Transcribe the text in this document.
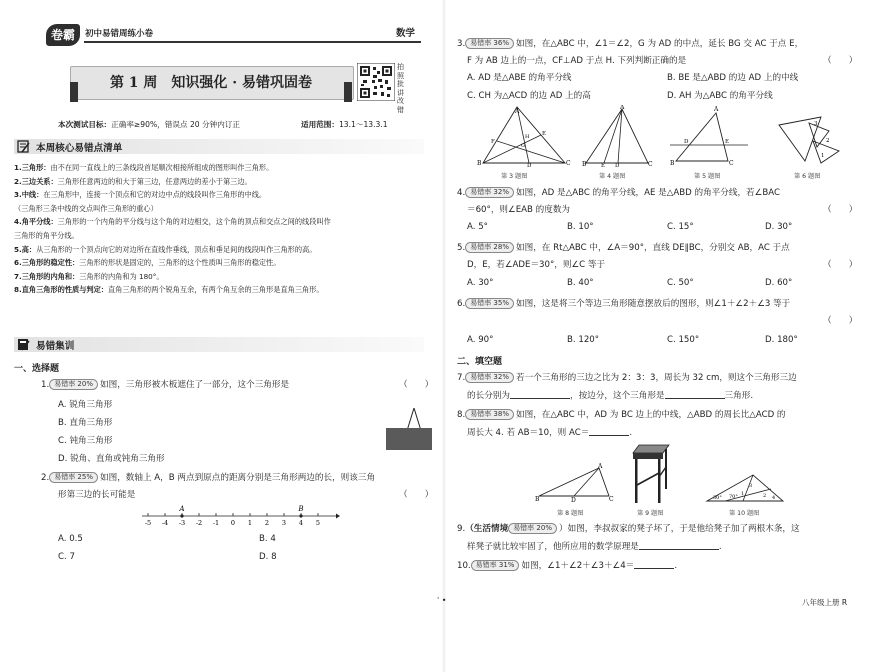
卷霸	初中易错周练小卷	数学
第 1 周　知识强化 · 易错巩固卷
拍照批讲改错
本次测试目标：正确率≥90%，错误点 20 分钟内订正	适用范围：13.1～13.3.1
本周核心易错点清单
1.三角形：由不在同一直线上的三条线段首尾顺次相接所组成的图形叫作三角形。
2.三边关系：三角形任意两边的和大于第三边，任意两边的差小于第三边。
3.中线：在三角形中，连接一个顶点和它的对边中点的线段叫作三角形的中线。
（三角形三条中线的交点叫作三角形的重心）
4.角平分线：三角形的一个内角的平分线与这个角的对边相交，这个角的顶点和交点之间的线段叫作
三角形的角平分线。
5.高：从三角形的一个顶点向它的对边所在直线作垂线，顶点和垂足间的线段叫作三角形的高。
6.三角形的稳定性：三角形的形状是固定的，三角形的这个性质叫三角形的稳定性。
7.三角形的内角和：三角形的内角和为 180°。
8.直角三角形的性质与判定：直角三角形的两个锐角互余，有两个角互余的三角形是直角三角形。
易错集训
一、选择题
1. 易错率 20% 如图，三角形被木板遮住了一部分，这个三角形是	（　　）
A. 锐角三角形
B. 直角三角形
C. 钝角三角形
D. 锐角、直角或钝角三角形
2. 易错率 25% 如图，数轴上 A，B 两点到原点的距离分别是三角形两边的长，则该三角
形第三边的长可能是	（　　）
-5 -4 -3 -2 -1 0 1 2 3 4 5
A	B
A. 0.5	B. 4
C. 7	D. 8
ˈ •
3. 易错率 36% 如图，在△ABC 中，∠1＝∠2，G 为 AD 的中点，延长 BG 交 AC 于点 E，
F 为 AB 边上的一点，CF⊥AD 于点 H. 下列判断正确的是	（　　）
A. AD 是△ABE 的角平分线	B. BE 是△ABD 的边 AD 上的中线
C. CH 为△ACD 的边 AD 上的高	D. AH 为△ABC 的角平分线
A
B	C
D
E
F
G
H
A
B	E D	C
A
B	C
D	E
3
2
1
第 3 题图	第 4 题图	第 5 题图	第 6 题图
4. 易错率 32% 如图，AD 是△ABC 的角平分线，AE 是△ABD 的角平分线，若∠BAC
＝60°，则∠EAB 的度数为	（　　）
A. 5°	B. 10°	C. 15°	D. 30°
5. 易错率 28% 如图，在 Rt△ABC 中，∠A＝90°，直线 DE∥BC，分别交 AB，AC 于点
D，E，若∠ADE＝30°，则∠C 等于	（　　）
A. 30°	B. 40°	C. 50°	D. 60°
6. 易错率 35% 如图，这是将三个等边三角形随意摆放后的图形，则∠1＋∠2＋∠3 等于
（　　）
A. 90°	B. 120°	C. 150°	D. 180°
二、填空题
7. 易错率 32% 若一个三角形的三边之比为 2：3：3，周长为 32 cm，则这个三角形三边
的长分别为	，按边分，这个三角形是	三角形.
8. 易错率 38% 如图，在△ABC 中，AD 为 BC 边上的中线，△ABD 的周长比△ACD 的
周长大 4. 若 AB＝10，则 AC＝	.
B	D	C
A
30°
1
3
2 4
70°
第 8 题图	第 9 题图	第 10 题图
9.（生活情境 易错率 20% ）如图，李叔叔家的凳子坏了，于是他给凳子加了两根木条，这
样凳子就比较牢固了，他所应用的数学原理是	.
10. 易错率 31% 如图，∠1＋∠2＋∠3＋∠4＝	.
八年级上册 R
